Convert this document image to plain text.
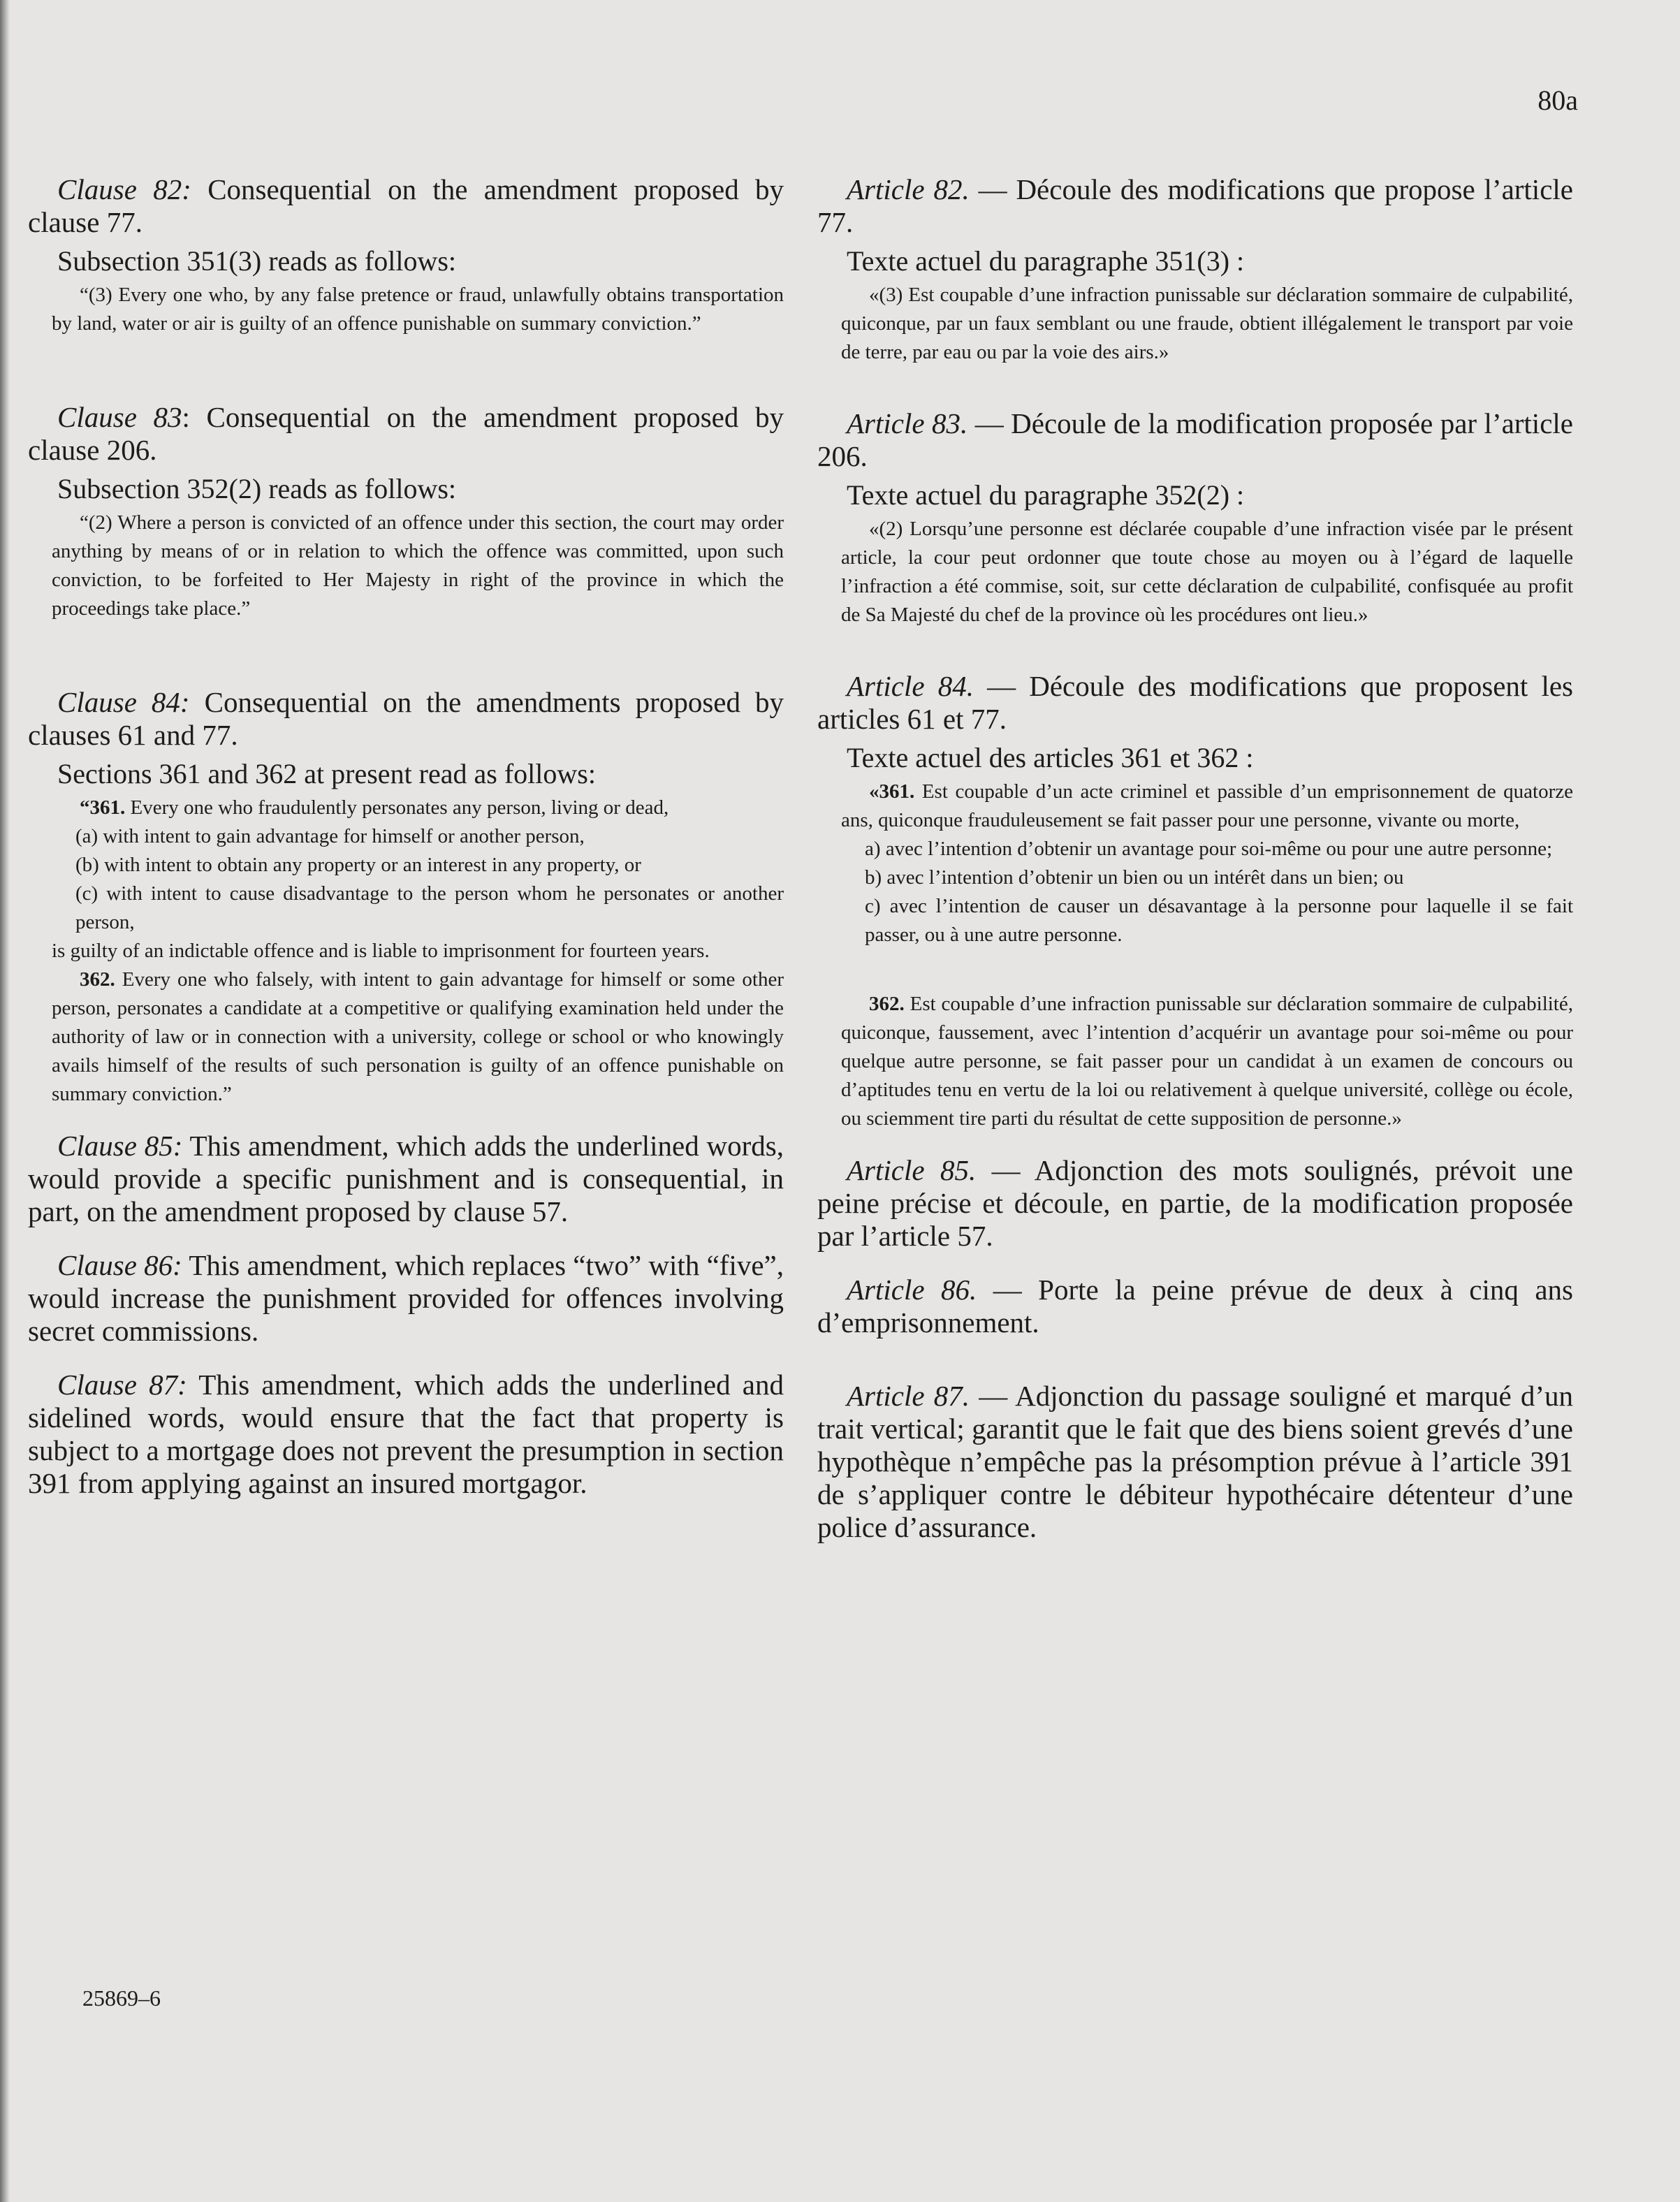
80a

Clause 82: Consequential on the amendment proposed by clause 77.

Subsection 351(3) reads as follows:

“(3) Every one who, by any false pretence or fraud, unlawfully obtains transportation by land, water or air is guilty of an offence punishable on summary conviction.”

Clause 83: Consequential on the amendment proposed by clause 206.

Subsection 352(2) reads as follows:

“(2) Where a person is convicted of an offence under this section, the court may order anything by means of or in relation to which the offence was committed, upon such conviction, to be forfeited to Her Majesty in right of the province in which the proceedings take place.”

Clause 84: Consequential on the amendments proposed by clauses 61 and 77.

Sections 361 and 362 at present read as follows:

“361. Every one who fraudulently personates any person, living or dead,

(a) with intent to gain advantage for himself or another person,

(b) with intent to obtain any property or an interest in any property, or

(c) with intent to cause disadvantage to the person whom he personates or another person,

is guilty of an indictable offence and is liable to imprisonment for fourteen years.

362. Every one who falsely, with intent to gain advantage for himself or some other person, personates a candidate at a competitive or qualifying examination held under the authority of law or in connection with a university, college or school or who knowingly avails himself of the results of such personation is guilty of an offence punishable on summary conviction.”

Clause 85: This amendment, which adds the underlined words, would provide a specific punishment and is consequential, in part, on the amendment proposed by clause 57.

Clause 86: This amendment, which replaces “two” with “five”, would increase the punishment provided for offences involving secret commissions.

Clause 87: This amendment, which adds the underlined and sidelined words, would ensure that the fact that property is subject to a mortgage does not prevent the presumption in section 391 from applying against an insured mortgagor.

Article 82. — Découle des modifications que propose l’article 77.

Texte actuel du paragraphe 351(3) :

«(3) Est coupable d’une infraction punissable sur déclaration sommaire de culpabilité, quiconque, par un faux semblant ou une fraude, obtient illégalement le transport par voie de terre, par eau ou par la voie des airs.»

Article 83. — Découle de la modification proposée par l’article 206.

Texte actuel du paragraphe 352(2) :

«(2) Lorsqu’une personne est déclarée coupable d’une infraction visée par le présent article, la cour peut ordonner que toute chose au moyen ou à l’égard de laquelle l’infraction a été commise, soit, sur cette déclaration de culpabilité, confisquée au profit de Sa Majesté du chef de la province où les procédures ont lieu.»

Article 84. — Découle des modifications que proposent les articles 61 et 77.

Texte actuel des articles 361 et 362 :

«361. Est coupable d’un acte criminel et passible d’un emprisonnement de quatorze ans, quiconque frauduleusement se fait passer pour une personne, vivante ou morte,

a) avec l’intention d’obtenir un avantage pour soi-même ou pour une autre personne;

b) avec l’intention d’obtenir un bien ou un intérêt dans un bien; ou

c) avec l’intention de causer un désavantage à la personne pour laquelle il se fait passer, ou à une autre personne.

362. Est coupable d’une infraction punissable sur déclaration sommaire de culpabilité, quiconque, faussement, avec l’intention d’acquérir un avantage pour soi-même ou pour quelque autre personne, se fait passer pour un candidat à un examen de concours ou d’aptitudes tenu en vertu de la loi ou relativement à quelque université, collège ou école, ou sciemment tire parti du résultat de cette supposition de personne.»

Article 85. — Adjonction des mots soulignés, prévoit une peine précise et découle, en partie, de la modification proposée par l’article 57.

Article 86. — Porte la peine prévue de deux à cinq ans d’emprisonnement.

Article 87. — Adjonction du passage souligné et marqué d’un trait vertical; garantit que le fait que des biens soient grevés d’une hypothèque n’empêche pas la présomption prévue à l’article 391 de s’appliquer contre le débiteur hypothécaire détenteur d’une police d’assurance.

25869–6
